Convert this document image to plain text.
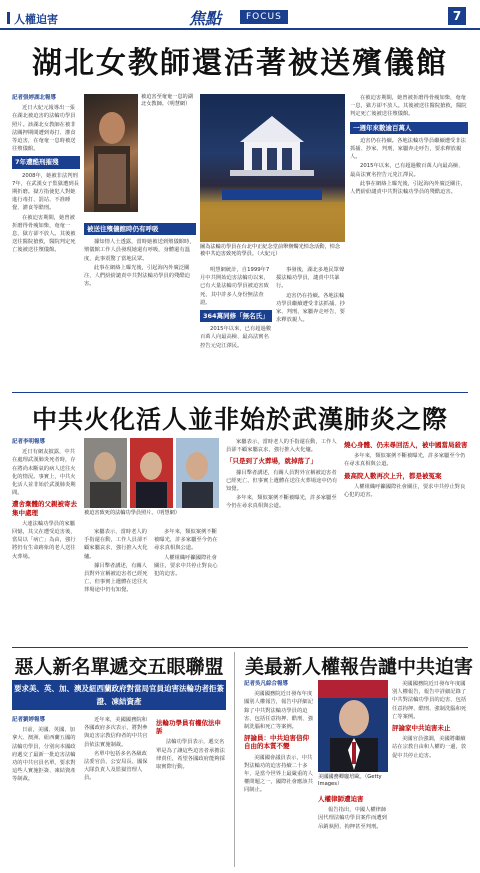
人權迫害	焦點	FOCUS	7
湖北女教師還活著被送殯儀館
記者張婷湖北報導
近日大紀元報導出一張在湖北被迫害的法輪功學員照片。該湖北女教師在被非法關押期間遭到毒打、灌食等迫害，在奄奄一息時被送往殯儀館。
7年遭酷刑摧殘
2008年，她被非法判刑7年，在武漢女子監獄遭到長期折磨。獄方指使犯人對她進行毒打、罰站、不准睡覺、灌食等酷刑。
在被迫害期間，她曾被折磨得骨瘦如柴，奄奄一息，獄方卻不放人。其後被送往醫院搶救，醫院判定死亡後被送往殯儀館。
被迫害至奄奄一息的湖北女教師。（明慧網）
被送往殯儀館時仍有呼吸
據知情人士透露，當時她被送到殯儀館時，殯儀館工作人員發現她還有呼吸，身體還有溫度，此事震驚了當地民眾。
此事在網絡上曝光後，引起海內外廣泛關注，人們紛紛譴責中共對法輪功學員的殘酷迫害。
圖為法輪功學員在台北中正紀念堂前舉辦燭光悼念活動，悼念被中共迫害致死的學員。（大紀元）
明慧網統計，自1999年7月中共開始迫害法輪功以來，已有大量法輪功學員被迫害致死，其中許多人身份無法查證。
364萬同修「無名氏」
2015年以來，已有超過數百萬人向最高檢、最高法實名控告元兇江澤民。
事發後，湖北多地民眾聲援法輪功學員，譴責中共暴行。
迫害仍在持續。各地法輪功學員繼續遭受非法抓捕、抄家、判刑，家屬奔走呼告，要求釋放親人。
在被迫害期間，她曾被折磨得骨瘦如柴，奄奄一息，獄方卻不放人。其後被送往醫院搶救，醫院判定死亡後被送往殯儀館。
一週年來數逾百萬人
迫害仍在持續。各地法輪功學員繼續遭受非法抓捕、抄家、判刑，家屬奔走呼告，要求釋放親人。
2015年以來，已有超過數百萬人向最高檢、最高法實名控告元兇江澤民。
此事在網絡上曝光後，引起海內外廣泛關注，人們紛紛譴責中共對法輪功學員的殘酷迫害。
中共火化活人並非始於武漢肺炎之際
記者李明報導
近日有網友披露，中共在處理武漢肺炎死者時，存在將尚未斷氣的病人送往火化的情況。事實上，中共火化活人並非始於武漢肺炎期間。
遭舍棄體的父親被寄去集中處理
大連法輪功學員的家屬回憶，其父在遭受迫害後，當局以「病亡」為由，強行將仍有生命跡象的老人送往火葬場。
被迫害致死的法輪功學員照片。（明慧網）
家屬表示，當時老人的手指還在動，工作人員卻不顧家屬哀求，強行推入火化爐。
據目擊者講述，有關人員對外宣稱被迫害者已經死亡，但事實上遺體在送往火葬場途中仍有知覺。
多年來，類似案例不斷被曝光，許多家屬至今仍在尋求真相與公道。
人權組織呼籲國際社會關注，要求中共停止對良心犯的迫害。
家屬表示，當時老人的手指還在動，工作人員卻不顧家屬哀求，強行推入火化爐。
「只是到了火葬場，就掉落了」
據目擊者講述，有關人員對外宣稱被迫害者已經死亡，但事實上遺體在送往火葬場途中仍有知覺。
多年來，類似案例不斷被曝光，許多家屬至今仍在尋求真相與公道。
燒心身體、仍未尋回活人，被中國當局殺害
多年來，類似案例不斷被曝光，許多家屬至今仍在尋求真相與公道。
最高院人數再次上升，都是被冤案
人權組織呼籲國際社會關注，要求中共停止對良心犯的迫害。
惡人新名單遞交五眼聯盟
要求美、英、加、澳及紐西蘭政府對當局官員迫害法輪功者拒簽證、凍結資產
記者劉婷報導
日前，美國、英國、加拿大、澳洲、紐西蘭五國的法輪功學員，分別向本國政府遞交了最新一批迫害法輪功的中共官員名單，要求對這些人實施拒簽、凍結資產等制裁。
近年來，美國國務院和各國政府多次表示，將對參與迫害宗教信仰者的中共官員依法實施制裁。
名單中包括多名各級政法委官員、公安局長、國保大隊負責人及監獄管理人員。
法輪功學員有權依法申訴
法輪功學員表示，遞交名單是為了讓這些迫害者承擔法律責任，希望各國政府能夠採取實際行動。
美最新人權報告譴中共迫害
記者吳凡綜合報導
美國國務院近日發布年度國別人權報告，報告中詳細記錄了中共對法輪功學員的迫害，包括任意拘押、酷刑、強制洗腦和死亡等案例。
評論員：中共迫害信仰自由的本質不變
美國國會議員表示，中共對法輪功的迫害持續二十多年，是當今世界上最嚴重的人權問題之一，國際社會應該共同制止。
美國國務卿龐培歐。（Getty Images）
人權律師遭迫害
報告指出，中國人權律師因代理法輪功學員案件而遭到吊銷執照、拘押甚至判刑。
美國國務院近日發布年度國別人權報告，報告中詳細記錄了中共對法輪功學員的迫害，包括任意拘押、酷刑、強制洗腦和死亡等案例。
評論家中共迫害未止
美國官員強調，美國將繼續站在宗教自由和人權的一邊，敦促中共停止迫害。
